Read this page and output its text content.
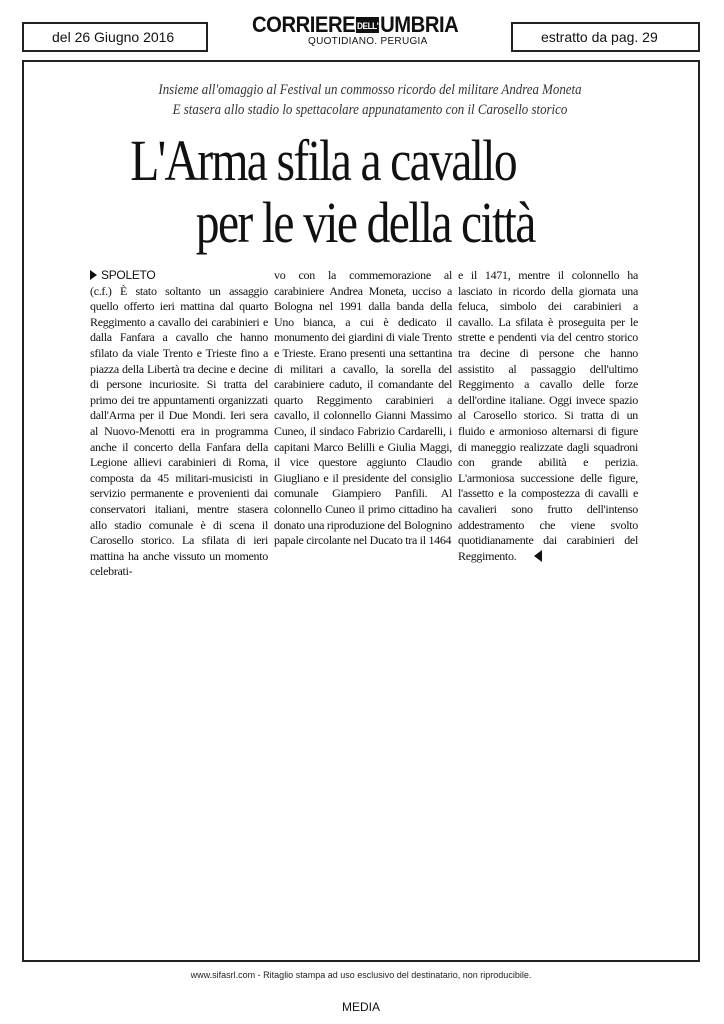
del 26 Giugno 2016	CORRIERE DELL'UMBRIA
QUOTIDIANO. PERUGIA	estratto da pag. 29
Insieme all'omaggio al Festival un commosso ricordo del militare Andrea Moneta
E stasera allo stadio lo spettacolare appunatamento con il Carosello storico
L'Arma sfila a cavallo
per le vie della città
SPOLETO
(c.f.) È stato soltanto un assaggio quello offerto ieri mattina dal quarto Reggimento a cavallo dei carabinieri e dalla Fanfara a cavallo che hanno sfilato da viale Trento e Trieste fino a piazza della Libertà tra decine e decine di persone incuriosite. Si tratta del primo dei tre appuntamenti organizzati dall'Arma per il Due Mondi. Ieri sera al Nuovo-Menotti era in programma anche il concerto della Fanfara della Legione allievi carabinieri di Roma, composta da 45 militari-musicisti in servizio permanente e provenienti dai conservatori italiani, mentre stasera allo stadio comunale è di scena il Carosello storico. La sfilata di ieri mattina ha anche vissuto un momento celebrati-
vo con la commemorazione al carabiniere Andrea Moneta, ucciso a Bologna nel 1991 dalla banda della Uno bianca, a cui è dedicato il monumento dei giardini di viale Trento e Trieste. Erano presenti una settantina di militari a cavallo, la sorella del carabiniere caduto, il comandante del quarto Reggimento carabinieri a cavallo, il colonnello Gianni Massimo Cuneo, il sindaco Fabrizio Cardarelli, i capitani Marco Belilli e Giulia Maggi, il vice questore aggiunto Claudio Giugliano e il presidente del consiglio comunale Giampiero Panfili. Al colonnello Cuneo il primo cittadino ha donato una riproduzione del Bolognino papale circolante nel Ducato tra il 1464
e il 1471, mentre il colonnello ha lasciato in ricordo della giornata una feluca, simbolo dei carabinieri a cavallo. La sfilata è proseguita per le strette e pendenti via del centro storico tra decine di persone che hanno assistito al passaggio dell'ultimo Reggimento a cavallo delle forze dell'ordine italiane. Oggi invece spazio al Carosello storico. Si tratta di un fluido e armonioso alternarsi di figure di maneggio realizzate dagli squadroni con grande abilità e perizia. L'armoniosa successione delle figure, l'assetto e la compostezza di cavalli e cavalieri sono frutto dell'intenso addestramento che viene svolto quotidianamente dai carabinieri del Reggimento.
www.sifasrl.com - Ritaglio stampa ad uso esclusivo del destinatario, non riproducibile.
MEDIA
